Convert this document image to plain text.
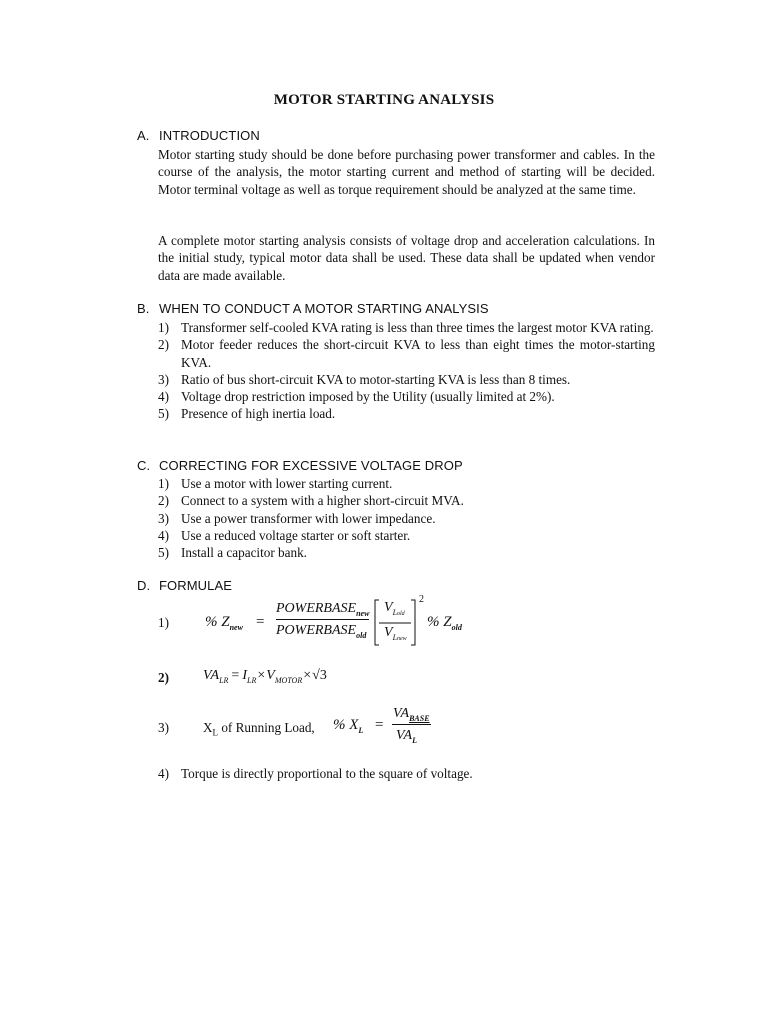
MOTOR STARTING ANALYSIS
A. INTRODUCTION

Motor starting study should be done before purchasing power transformer and cables. In the course of the analysis, the motor starting current and method of starting will be decided. Motor terminal voltage as well as torque requirement should be analyzed at the same time.

A complete motor starting analysis consists of voltage drop and acceleration calculations. In the initial study, typical motor data shall be used. These data shall be updated when vendor data are made available.

B. WHEN TO CONDUCT A MOTOR STARTING ANALYSIS
1) Transformer self-cooled KVA rating is less than three times the largest motor KVA rating.
2) Motor feeder reduces the short-circuit KVA to less than eight times the motor-starting KVA.
3) Ratio of bus short-circuit KVA to motor-starting KVA is less than 8 times.
4) Voltage drop restriction imposed by the Utility (usually limited at 2%).
5) Presence of high inertia load.
C. CORRECTING FOR EXCESSIVE VOLTAGE DROP
1) Use a motor with lower starting current.
2) Connect to a system with a higher short-circuit MVA.
3) Use a power transformer with lower impedance.
4) Use a reduced voltage starter or soft starter.
5) Install a capacitor bank.
D. FORMULAE
1) % $Z_{new}$ =
$POWERBASE_{new}$
$POWERBASE_{old}$
$V_{Lold}$
$V_{Lnew}$
2
% $Z_{old}$
2) $VA_{LR} = I_{LR}\times V_{MOTOR}\times√3$
3)	$X_L$ of Running Load, % $X_L$ =
$VA_{BASE}$
$VA_L$
4) Torque is directly proportional to the square of voltage.
